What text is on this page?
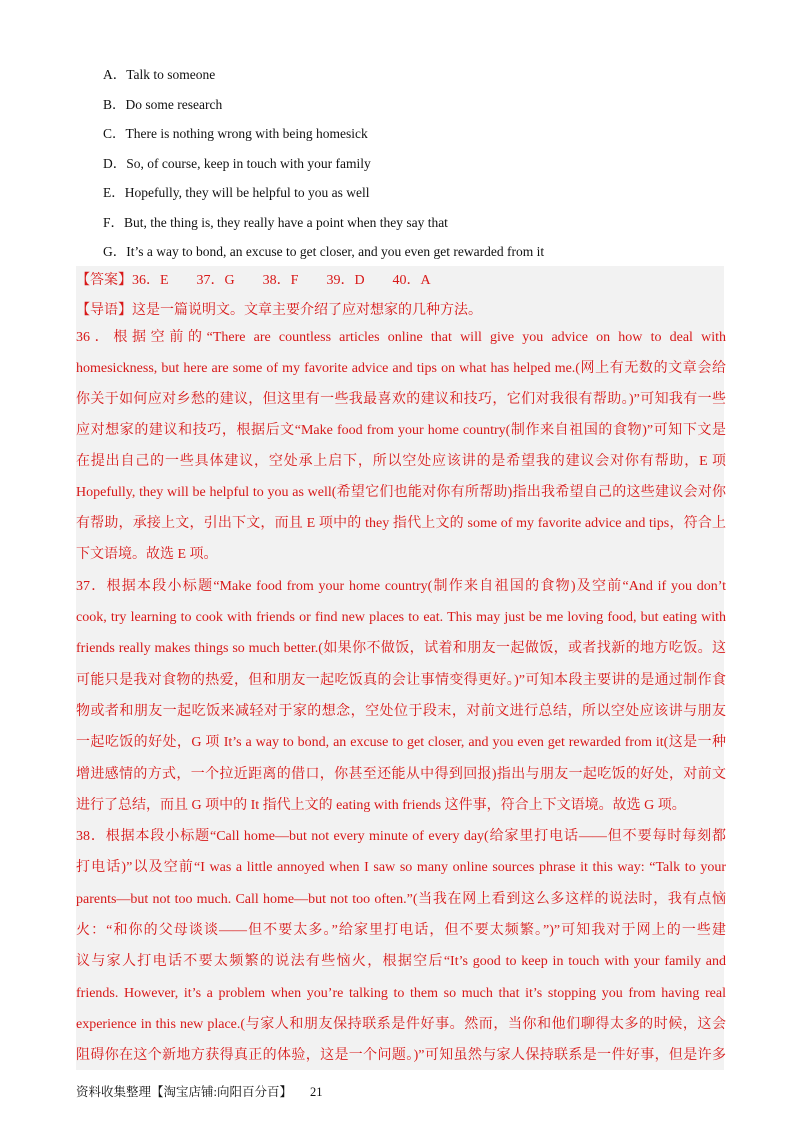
A．Talk to someone
B．Do some research
C．There is nothing wrong with being homesick
D．So, of course, keep in touch with your family
E．Hopefully, they will be helpful to you as well
F．But, the thing is, they really have a point when they say that
G．It’s a way to bond, an excuse to get closer, and you even get rewarded from it
【答案】36．E　　37．G　　38．F　　39．D　　40．A
【导语】这是一篇说明文。文章主要介绍了应对想家的几种方法。
36．根据空前的“There are countless articles online that will give you advice on how to deal with
homesickness, but here are some of my favorite advice and tips on what has helped me.(网上有无数的文章会给
你关于如何应对乡愁的建议，但这里有一些我最喜欢的建议和技巧，它们对我很有帮助。)”可知我有一些
应对想家的建议和技巧，根据后文“Make food from your home country(制作来自祖国的食物)”可知下文是
在提出自己的一些具体建议，空处承上启下，所以空处应该讲的是希望我的建议会对你有帮助，E 项
Hopefully, they will be helpful to you as well(希望它们也能对你有所帮助)指出我希望自己的这些建议会对你
有帮助，承接上文，引出下文，而且 E 项中的 they 指代上文的 some of my favorite advice and tips，符合上
下文语境。故选 E 项。
37．根据本段小标题“Make food from your home country(制作来自祖国的食物)及空前“And if you don’t
cook, try learning to cook with friends or find new places to eat. This may just be me loving food, but eating with
friends really makes things so much better.(如果你不做饭，试着和朋友一起做饭，或者找新的地方吃饭。这
可能只是我对食物的热爱，但和朋友一起吃饭真的会让事情变得更好。)”可知本段主要讲的是通过制作食
物或者和朋友一起吃饭来减轻对于家的想念，空处位于段末，对前文进行总结，所以空处应该讲与朋友
一起吃饭的好处，G 项 It’s a way to bond, an excuse to get closer, and you even get rewarded from it(这是一种
增进感情的方式，一个拉近距离的借口，你甚至还能从中得到回报)指出与朋友一起吃饭的好处，对前文
进行了总结，而且 G 项中的 It 指代上文的 eating with friends 这件事，符合上下文语境。故选 G 项。
38．根据本段小标题“Call home—but not every minute of every day(给家里打电话——但不要每时每刻都
打电话)”以及空前“I was a little annoyed when I saw so many online sources phrase it this way: “Talk to your
parents—but not too much. Call home—but not too often.”(当我在网上看到这么多这样的说法时，我有点恼
火：“和你的父母谈谈——但不要太多。”给家里打电话，但不要太频繁。”)”可知我对于网上的一些建
议与家人打电话不要太频繁的说法有些恼火，根据空后“It’s good to keep in touch with your family and
friends. However, it’s a problem when you’re talking to them so much that it’s stopping you from having real
experience in this new place.(与家人和朋友保持联系是件好事。然而，当你和他们聊得太多的时候，这会
阻碍你在这个新地方获得真正的体验，这是一个问题。)”可知虽然与家人保持联系是一件好事，但是许多
资料收集整理【淘宝店铺:向阳百分百】 21
